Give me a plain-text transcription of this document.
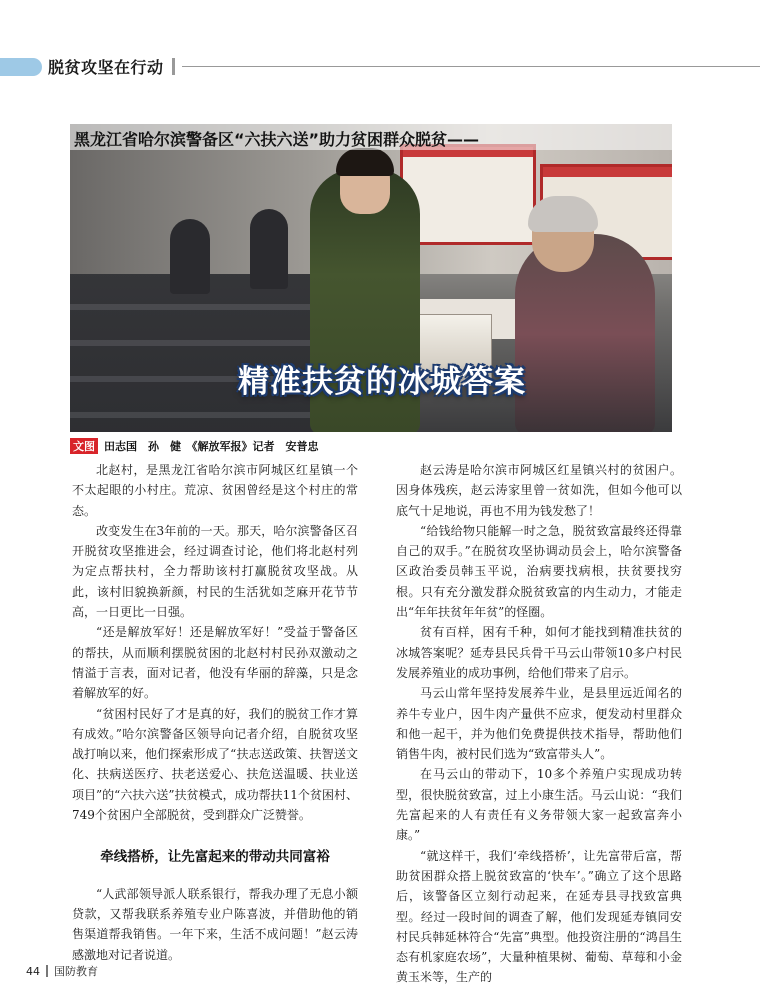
脱贫攻坚在行动
黑龙江省哈尔滨警备区“六扶六送”助力贫困群众脱贫——
精准扶贫的冰城答案
文图 田志国　孙　健　《解放军报》记者　安普忠

北赵村，是黑龙江省哈尔滨市阿城区红星镇一个不太起眼的小村庄。荒凉、贫困曾经是这个村庄的常态。

改变发生在3年前的一天。那天，哈尔滨警备区召开脱贫攻坚推进会，经过调查讨论，他们将北赵村列为定点帮扶村，全力帮助该村打赢脱贫攻坚战。从此，该村旧貌换新颜，村民的生活犹如芝麻开花节节高，一日更比一日强。

“还是解放军好！还是解放军好！”受益于警备区的帮扶，从而顺利摆脱贫困的北赵村村民孙双激动之情溢于言表，面对记者，他没有华丽的辞藻，只是念着解放军的好。

“贫困村民好了才是真的好，我们的脱贫工作才算有成效。”哈尔滨警备区领导向记者介绍，自脱贫攻坚战打响以来，他们探索形成了“扶志送政策、扶智送文化、扶病送医疗、扶老送爱心、扶危送温暖、扶业送项目”的“六扶六送”扶贫模式，成功帮扶11个贫困村、749个贫困户全部脱贫，受到群众广泛赞誉。

牵线搭桥，让先富起来的带动共同富裕

“人武部领导派人联系银行，帮我办理了无息小额贷款，又帮我联系养殖专业户陈喜波，并借助他的销售渠道帮我销售。一年下来，生活不成问题！”赵云涛感激地对记者说道。

赵云涛是哈尔滨市阿城区红星镇兴村的贫困户。因身体残疾，赵云涛家里曾一贫如洗，但如今他可以底气十足地说，再也不用为钱发愁了！

“给钱给物只能解一时之急，脱贫致富最终还得靠自己的双手。”在脱贫攻坚协调动员会上，哈尔滨警备区政治委员韩玉平说，治病要找病根，扶贫要找穷根。只有充分激发群众脱贫致富的内生动力，才能走出“年年扶贫年年贫”的怪圈。

贫有百样，困有千种，如何才能找到精准扶贫的冰城答案呢？延寿县民兵骨干马云山带领10多户村民发展养殖业的成功事例，给他们带来了启示。

马云山常年坚持发展养牛业，是县里远近闻名的养牛专业户，因牛肉产量供不应求，便发动村里群众和他一起干，并为他们免费提供技术指导，帮助他们销售牛肉，被村民们选为“致富带头人”。

在马云山的带动下，10多个养殖户实现成功转型，很快脱贫致富，过上小康生活。马云山说：“我们先富起来的人有责任有义务带领大家一起致富奔小康。”

“就这样干，我们‘牵线搭桥’，让先富带后富，帮助贫困群众搭上脱贫致富的‘快车’。”确立了这个思路后，该警备区立刻行动起来，在延寿县寻找致富典型。经过一段时间的调查了解，他们发现延寿镇同安村民兵韩延林符合“先富”典型。他投资注册的“鸿昌生态有机家庭农场”，大量种植果树、葡萄、草莓和小金黄玉米等，生产的

44 国防教育
